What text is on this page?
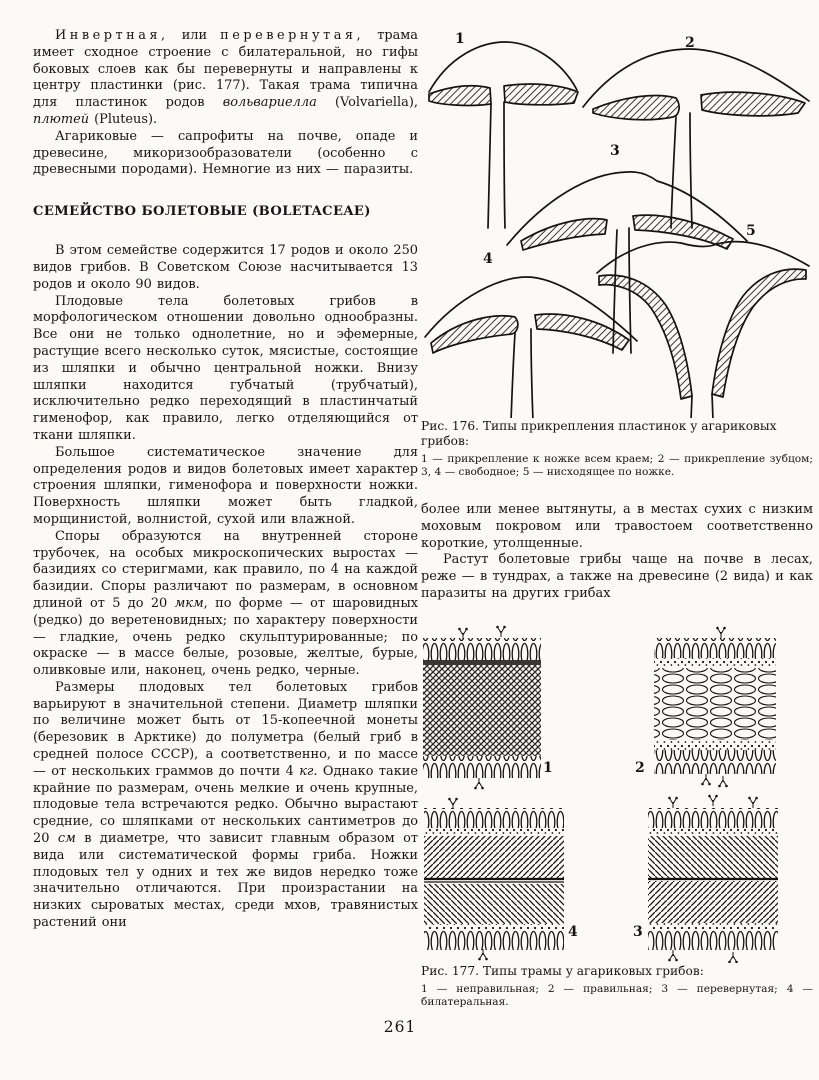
Инвертная, или перевернутая, трама имеет сходное строение с билатеральной, но гифы боковых слоев как бы перевернуты и направлены к центру пластинки (рис. 177). Такая трама типична для пластинок родов вольвариелла (Volvariella), плютей (Pluteus).

Агариковые — сапрофиты на почве, опаде и древесине, микоризообразователи (особенно с древесными породами). Немногие из них — паразиты.

СЕМЕЙСТВО БОЛЕТОВЫЕ (BOLETACEAE)

В этом семействе содержится 17 родов и около 250 видов грибов. В Советском Союзе насчитывается 13 родов и около 90 видов.

Плодовые тела болетовых грибов в морфологическом отношении довольно однообразны. Все они не только однолетние, но и эфемерные, растущие всего несколько суток, мясистые, состоящие из шляпки и обычно центральной ножки. Внизу шляпки находится губчатый (трубчатый), исключительно редко переходящий в пластинчатый гименофор, как правило, легко отделяющийся от ткани шляпки.

Большое систематическое значение для определения родов и видов болетовых имеет характер строения шляпки, гименофора и поверхности ножки. Поверхность шляпки может быть гладкой, морщинистой, волнистой, сухой или влажной.

Споры образуются на внутренней стороне трубочек, на особых микроскопических выростах — базидиях со стеригмами, как правило, по 4 на каждой базидии. Споры различают по размерам, в основном длиной от 5 до 20 мкм, по форме — от шаровидных (редко) до веретеновидных; по характеру поверхности — гладкие, очень редко скульптурированные; по окраске — в массе белые, розовые, желтые, бурые, оливковые или, наконец, очень редко, черные.

Размеры плодовых тел болетовых грибов варьируют в значительной степени. Диаметр шляпки по величине может быть от 15-копеечной монеты (березовик в Арктике) до полуметра (белый гриб в средней полосе СССР), а соответственно, и по массе — от нескольких граммов до почти 4 кг. Однако такие крайние по размерам, очень мелкие и очень крупные, плодовые тела встречаются редко. Обычно вырастают средние, со шляпками от нескольких сантиметров до 20 см в диаметре, что зависит главным образом от вида или систематической формы гриба. Ножки плодовых тел у одних и тех же видов нередко тоже значительно отличаются. При произрастании на низких сыроватых местах, среди мхов, травянистых растений они

1	2
3
4
5
Рис. 176. Типы прикрепления пластинок у агариковых грибов:
1 — прикрепление к ножке всем краем; 2 — прикрепление зубцом; 3, 4 — свободное; 5 — нисходящее по ножке.

более или менее вытянуты, а в местах сухих с низким моховым покровом или травостоем соответственно короткие, утолщенные.

Растут болетовые грибы чаще на почве в лесах, реже — в тундрах, а также на древесине (2 вида) и как паразиты на других грибах

1	2
4	3
Рис. 177. Типы трамы у агариковых грибов:
1 — неправильная; 2 — правильная; 3 — перевернутая; 4 — билатеральная.
261
